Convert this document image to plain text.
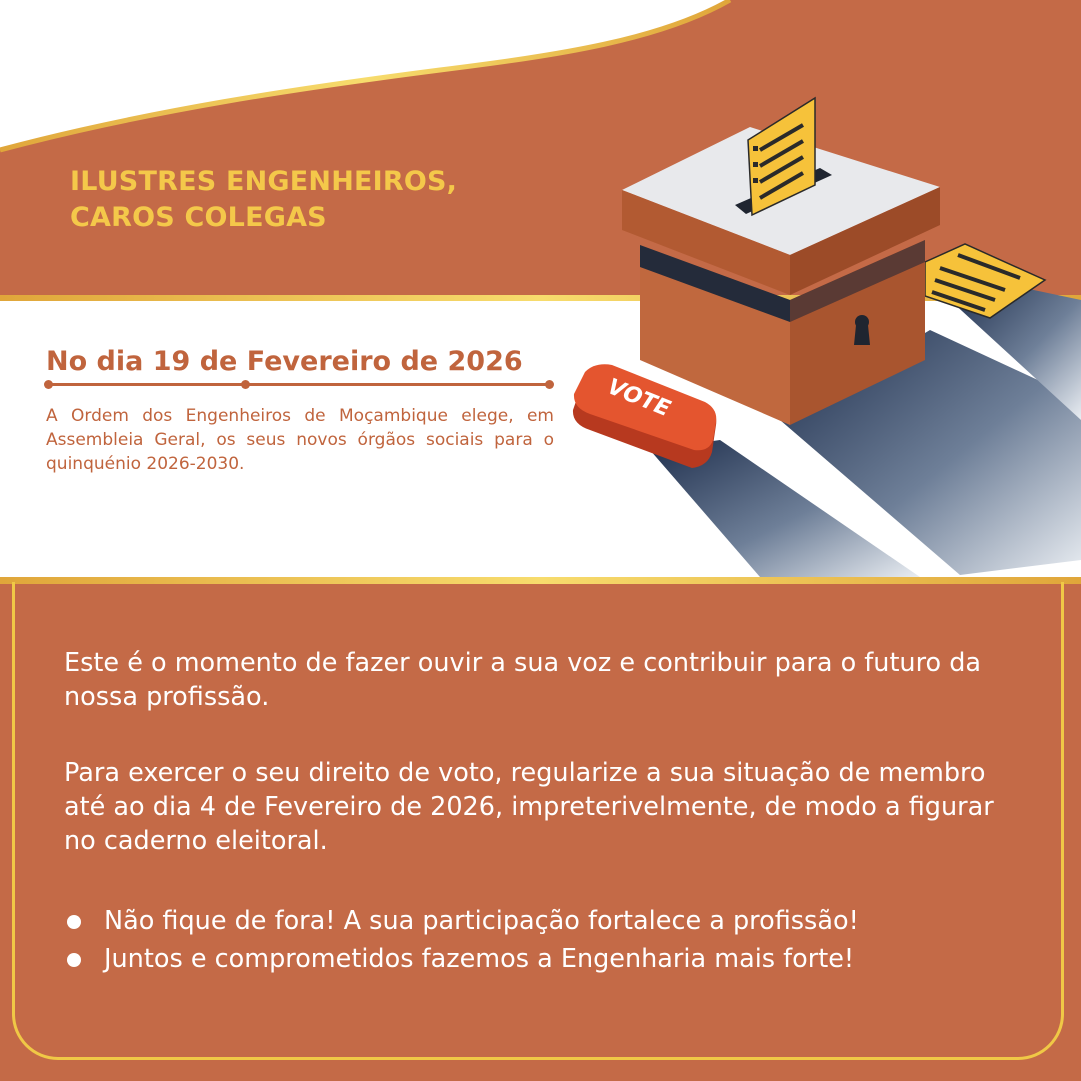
VOTE
ILUSTRES ENGENHEIROS,
CAROS COLEGAS
No dia 19 de Fevereiro de 2026

A Ordem dos Engenheiros de Moçambique elege, em Assembleia Geral, os seus novos órgãos sociais para o quinquénio 2026-2030.

Este é o momento de fazer ouvir a sua voz e contribuir para o futuro da nossa profissão.

Para exercer o seu direito de voto, regularize a sua situação de membro até ao dia 4 de Fevereiro de 2026, impreterivelmente, de modo a figurar no caderno eleitoral.

Não fique de fora! A sua participação fortalece a profissão!
Juntos e comprometidos fazemos a Engenharia mais forte!
